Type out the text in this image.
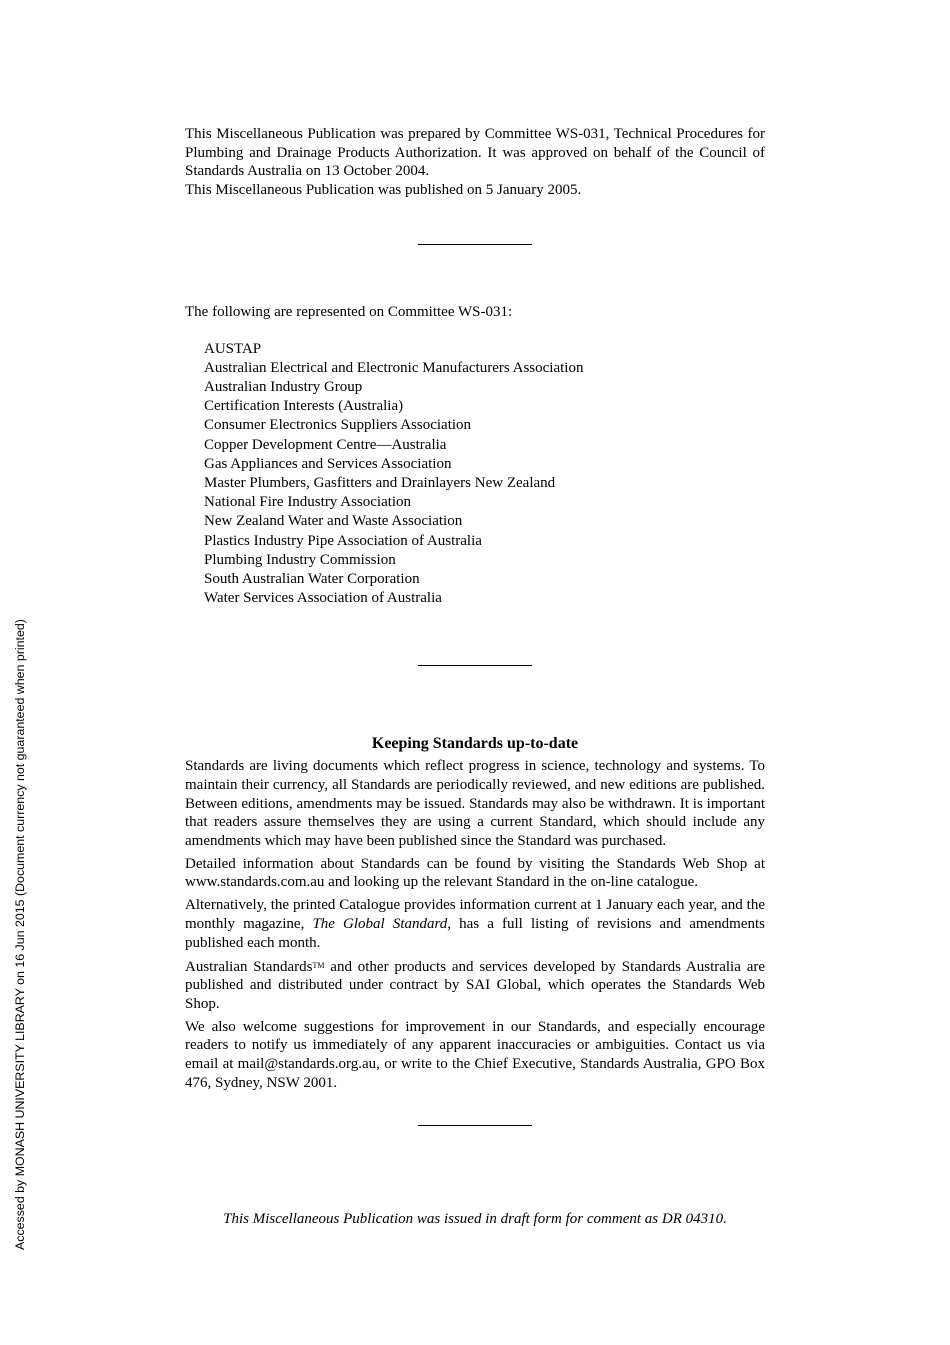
This Miscellaneous Publication was prepared by Committee WS-031, Technical Procedures for Plumbing and Drainage Products Authorization. It was approved on behalf of the Council of Standards Australia on 13 October 2004.

This Miscellaneous Publication was published on 5 January 2005.

The following are represented on Committee WS-031:

AUSTAP
Australian Electrical and Electronic Manufacturers Association
Australian Industry Group
Certification Interests (Australia)
Consumer Electronics Suppliers Association
Copper Development Centre—Australia
Gas Appliances and Services Association
Master Plumbers, Gasfitters and Drainlayers New Zealand
National Fire Industry Association
New Zealand Water and Waste Association
Plastics Industry Pipe Association of Australia
Plumbing Industry Commission
South Australian Water Corporation
Water Services Association of Australia
Keeping Standards up-to-date

Standards are living documents which reflect progress in science, technology and systems. To maintain their currency, all Standards are periodically reviewed, and new editions are published. Between editions, amendments may be issued. Standards may also be withdrawn. It is important that readers assure themselves they are using a current Standard, which should include any amendments which may have been published since the Standard was purchased.

Detailed information about Standards can be found by visiting the Standards Web Shop at www.standards.com.au and looking up the relevant Standard in the on-line catalogue.

Alternatively, the printed Catalogue provides information current at 1 January each year, and the monthly magazine, The Global Standard, has a full listing of revisions and amendments published each month.

Australian Standards™ and other products and services developed by Standards Australia are published and distributed under contract by SAI Global, which operates the Standards Web Shop.

We also welcome suggestions for improvement in our Standards, and especially encourage readers to notify us immediately of any apparent inaccuracies or ambiguities. Contact us via email at mail@standards.org.au, or write to the Chief Executive, Standards Australia, GPO Box 476, Sydney, NSW 2001.

This Miscellaneous Publication was issued in draft form for comment as DR 04310.
Accessed by MONASH UNIVERSITY LIBRARY on 16 Jun 2015 (Document currency not guaranteed when printed)
